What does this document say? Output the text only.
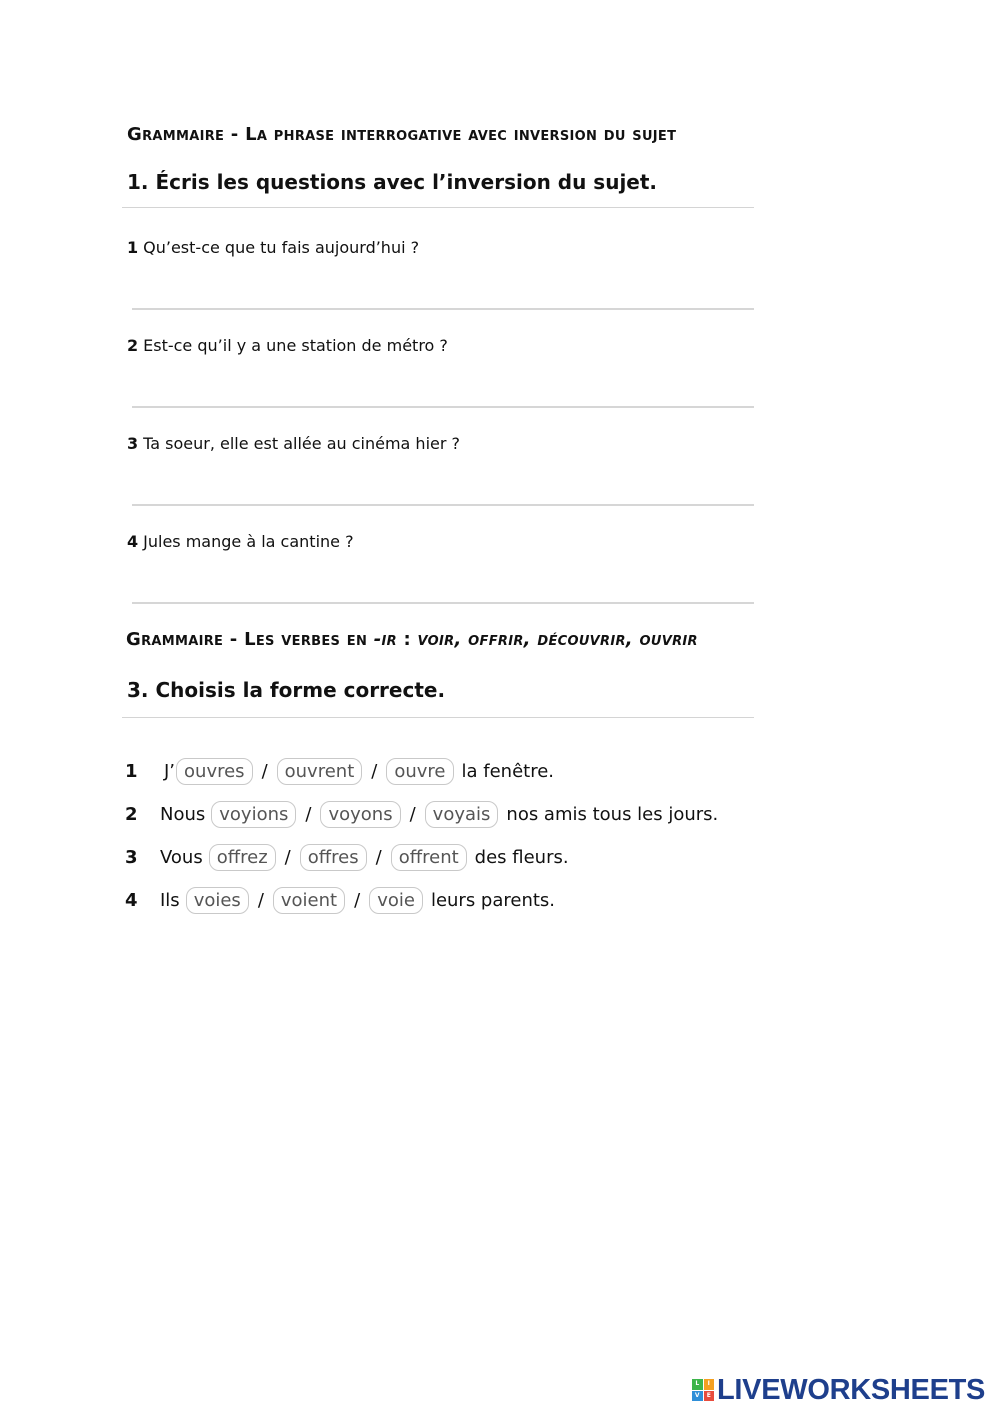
Grammaire - La phrase interrogative avec inversion du sujet
1. Écris les questions avec l’inversion du sujet.
1 Qu’est-ce que tu fais aujourd’hui ?
2 Est-ce qu’il y a une station de métro ?
3 Ta soeur, elle est allée au cinéma hier ?
4 Jules mange à la cantine ?
Grammaire - Les verbes en -ir : voir, offrir, découvrir, ouvrir
3. Choisis la forme correcte.
1	J’ ouvres / ouvrent / ouvre la fenêtre.
2	Nous voyions / voyons / voyais nos amis tous les jours.
3	Vous offrez / offres / offrent des fleurs.
4	Ils voies / voient / voie leurs parents.
L	I
V	E LIVEWORKSHEETS
